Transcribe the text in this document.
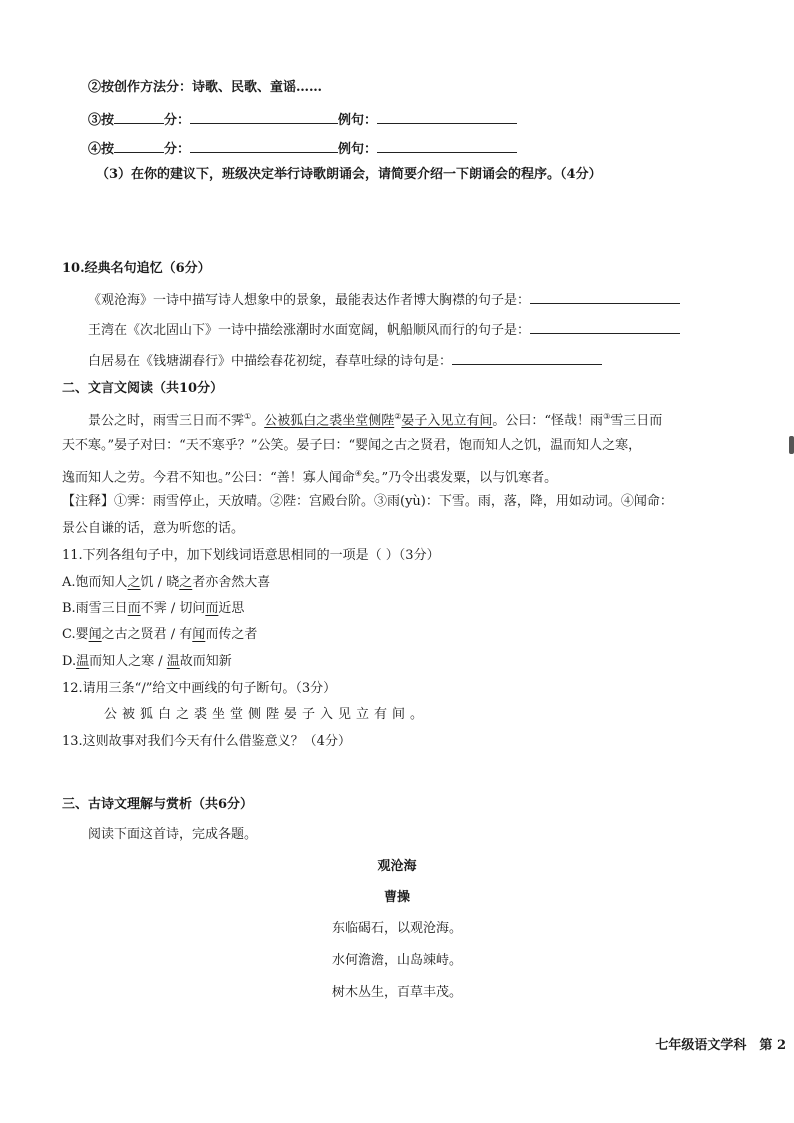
②按创作方法分：诗歌、民歌、童谣……
③按	分：	例句：
④按	分：	例句：
（3）在你的建议下，班级决定举行诗歌朗诵会，请简要介绍一下朗诵会的程序。（4分）
10.经典名句追忆（6分）
《观沧海》一诗中描写诗人想象中的景象，最能表达作者博大胸襟的句子是：
王湾在《次北固山下》一诗中描绘涨潮时水面宽阔，帆船顺风而行的句子是：
白居易在《钱塘湖春行》中描绘春花初绽，春草吐绿的诗句是：
二、文言文阅读（共10分）
景公之时，雨雪三日而不霁①。公被狐白之裘坐堂侧陛②晏子入见立有间。公曰：“怪哉！雨③雪三日而
天不寒。”晏子对曰：“天不寒乎？”公笑。晏子曰：“婴闻之古之贤君，饱而知人之饥，温而知人之寒，
逸而知人之劳。今君不知也。”公曰：“善！寡人闻命④矣。”乃令出裘发粟，以与饥寒者。
【注释】①霁：雨雪停止，天放晴。②陛：宫殿台阶。③雨(yù)：下雪。雨，落，降，用如动词。④闻命：
景公自谦的话，意为听您的话。
11.下列各组句子中，加下划线词语意思相同的一项是（ ）（3分）
A.饱而知人之饥 / 晓之者亦舍然大喜
B.雨雪三日而不霁 / 切问而近思
C.婴闻之古之贤君 / 有闻而传之者
D.温而知人之寒 / 温故而知新
12.请用三条“/”给文中画线的句子断句。（3分）
公被狐白之裘坐堂侧陛晏子入见立有间。
13.这则故事对我们今天有什么借鉴意义？（4分）
三、古诗文理解与赏析（共6分）
阅读下面这首诗，完成各题。
观沧海
曹操
东临碣石，以观沧海。
水何澹澹，山岛竦峙。
树木丛生，百草丰茂。
七年级语文学科　第 2
